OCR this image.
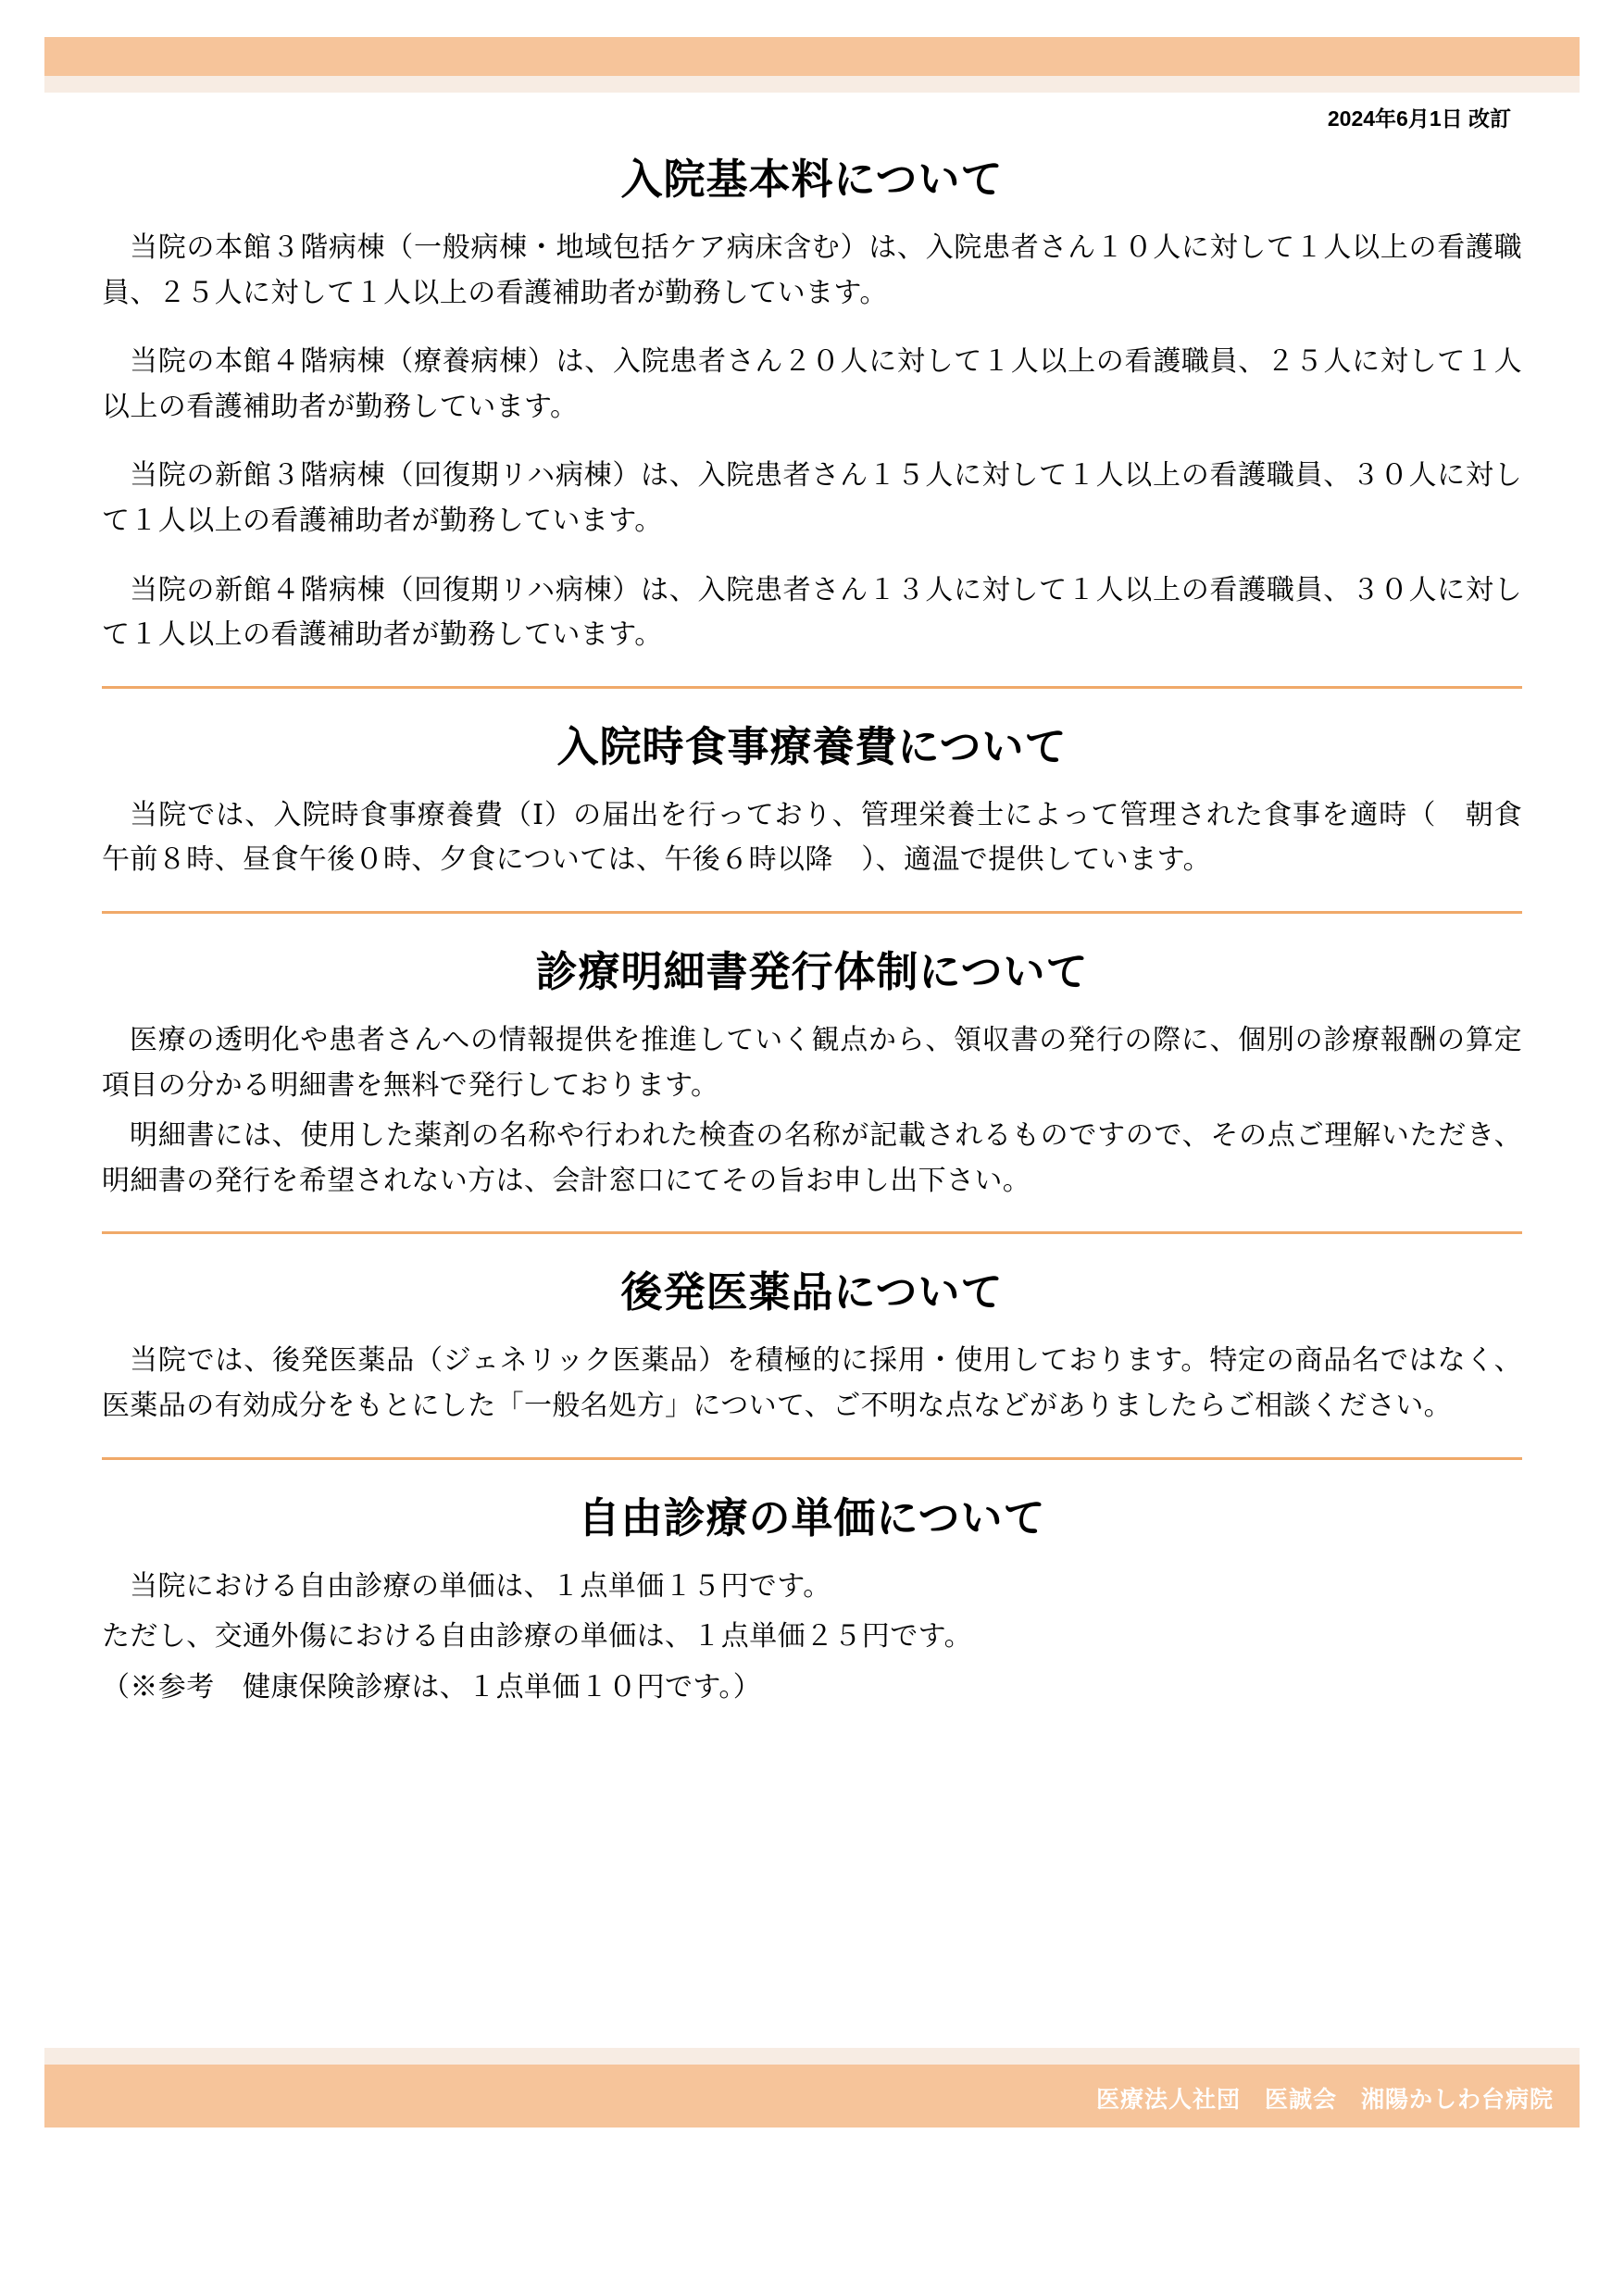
2024年6月1日 改訂
入院基本料について

当院の本館３階病棟（一般病棟・地域包括ケア病床含む）は、入院患者さん１０人に対して１人以上の看護職員、２５人に対して１人以上の看護補助者が勤務しています。

当院の本館４階病棟（療養病棟）は、入院患者さん２０人に対して１人以上の看護職員、２５人に対して１人以上の看護補助者が勤務しています。

当院の新館３階病棟（回復期リハ病棟）は、入院患者さん１５人に対して１人以上の看護職員、３０人に対して１人以上の看護補助者が勤務しています。

当院の新館４階病棟（回復期リハ病棟）は、入院患者さん１３人に対して１人以上の看護職員、３０人に対して１人以上の看護補助者が勤務しています。

入院時食事療養費について

当院では、入院時食事療養費（Ⅰ）の届出を行っており、管理栄養士によって管理された食事を適時（　朝食 午前８時、昼食午後０時、夕食については、午後６時以降　）、適温で提供しています。

診療明細書発行体制について

医療の透明化や患者さんへの情報提供を推進していく観点から、領収書の発行の際に、個別の診療報酬の算定項目の分かる明細書を無料で発行しております。

明細書には、使用した薬剤の名称や行われた検査の名称が記載されるものですので、その点ご理解いただき、明細書の発行を希望されない方は、会計窓口にてその旨お申し出下さい。

後発医薬品について

当院では、後発医薬品（ジェネリック医薬品）を積極的に採用・使用しております。特定の商品名ではなく、医薬品の有効成分をもとにした「一般名処方」について、ご不明な点などがありましたらご相談ください。

自由診療の単価について

当院における自由診療の単価は、１点単価１５円です。

ただし、交通外傷における自由診療の単価は、１点単価２５円です。

（※参考　健康保険診療は、１点単価１０円です。）

医療法人社団　医誠会　湘陽かしわ台病院
